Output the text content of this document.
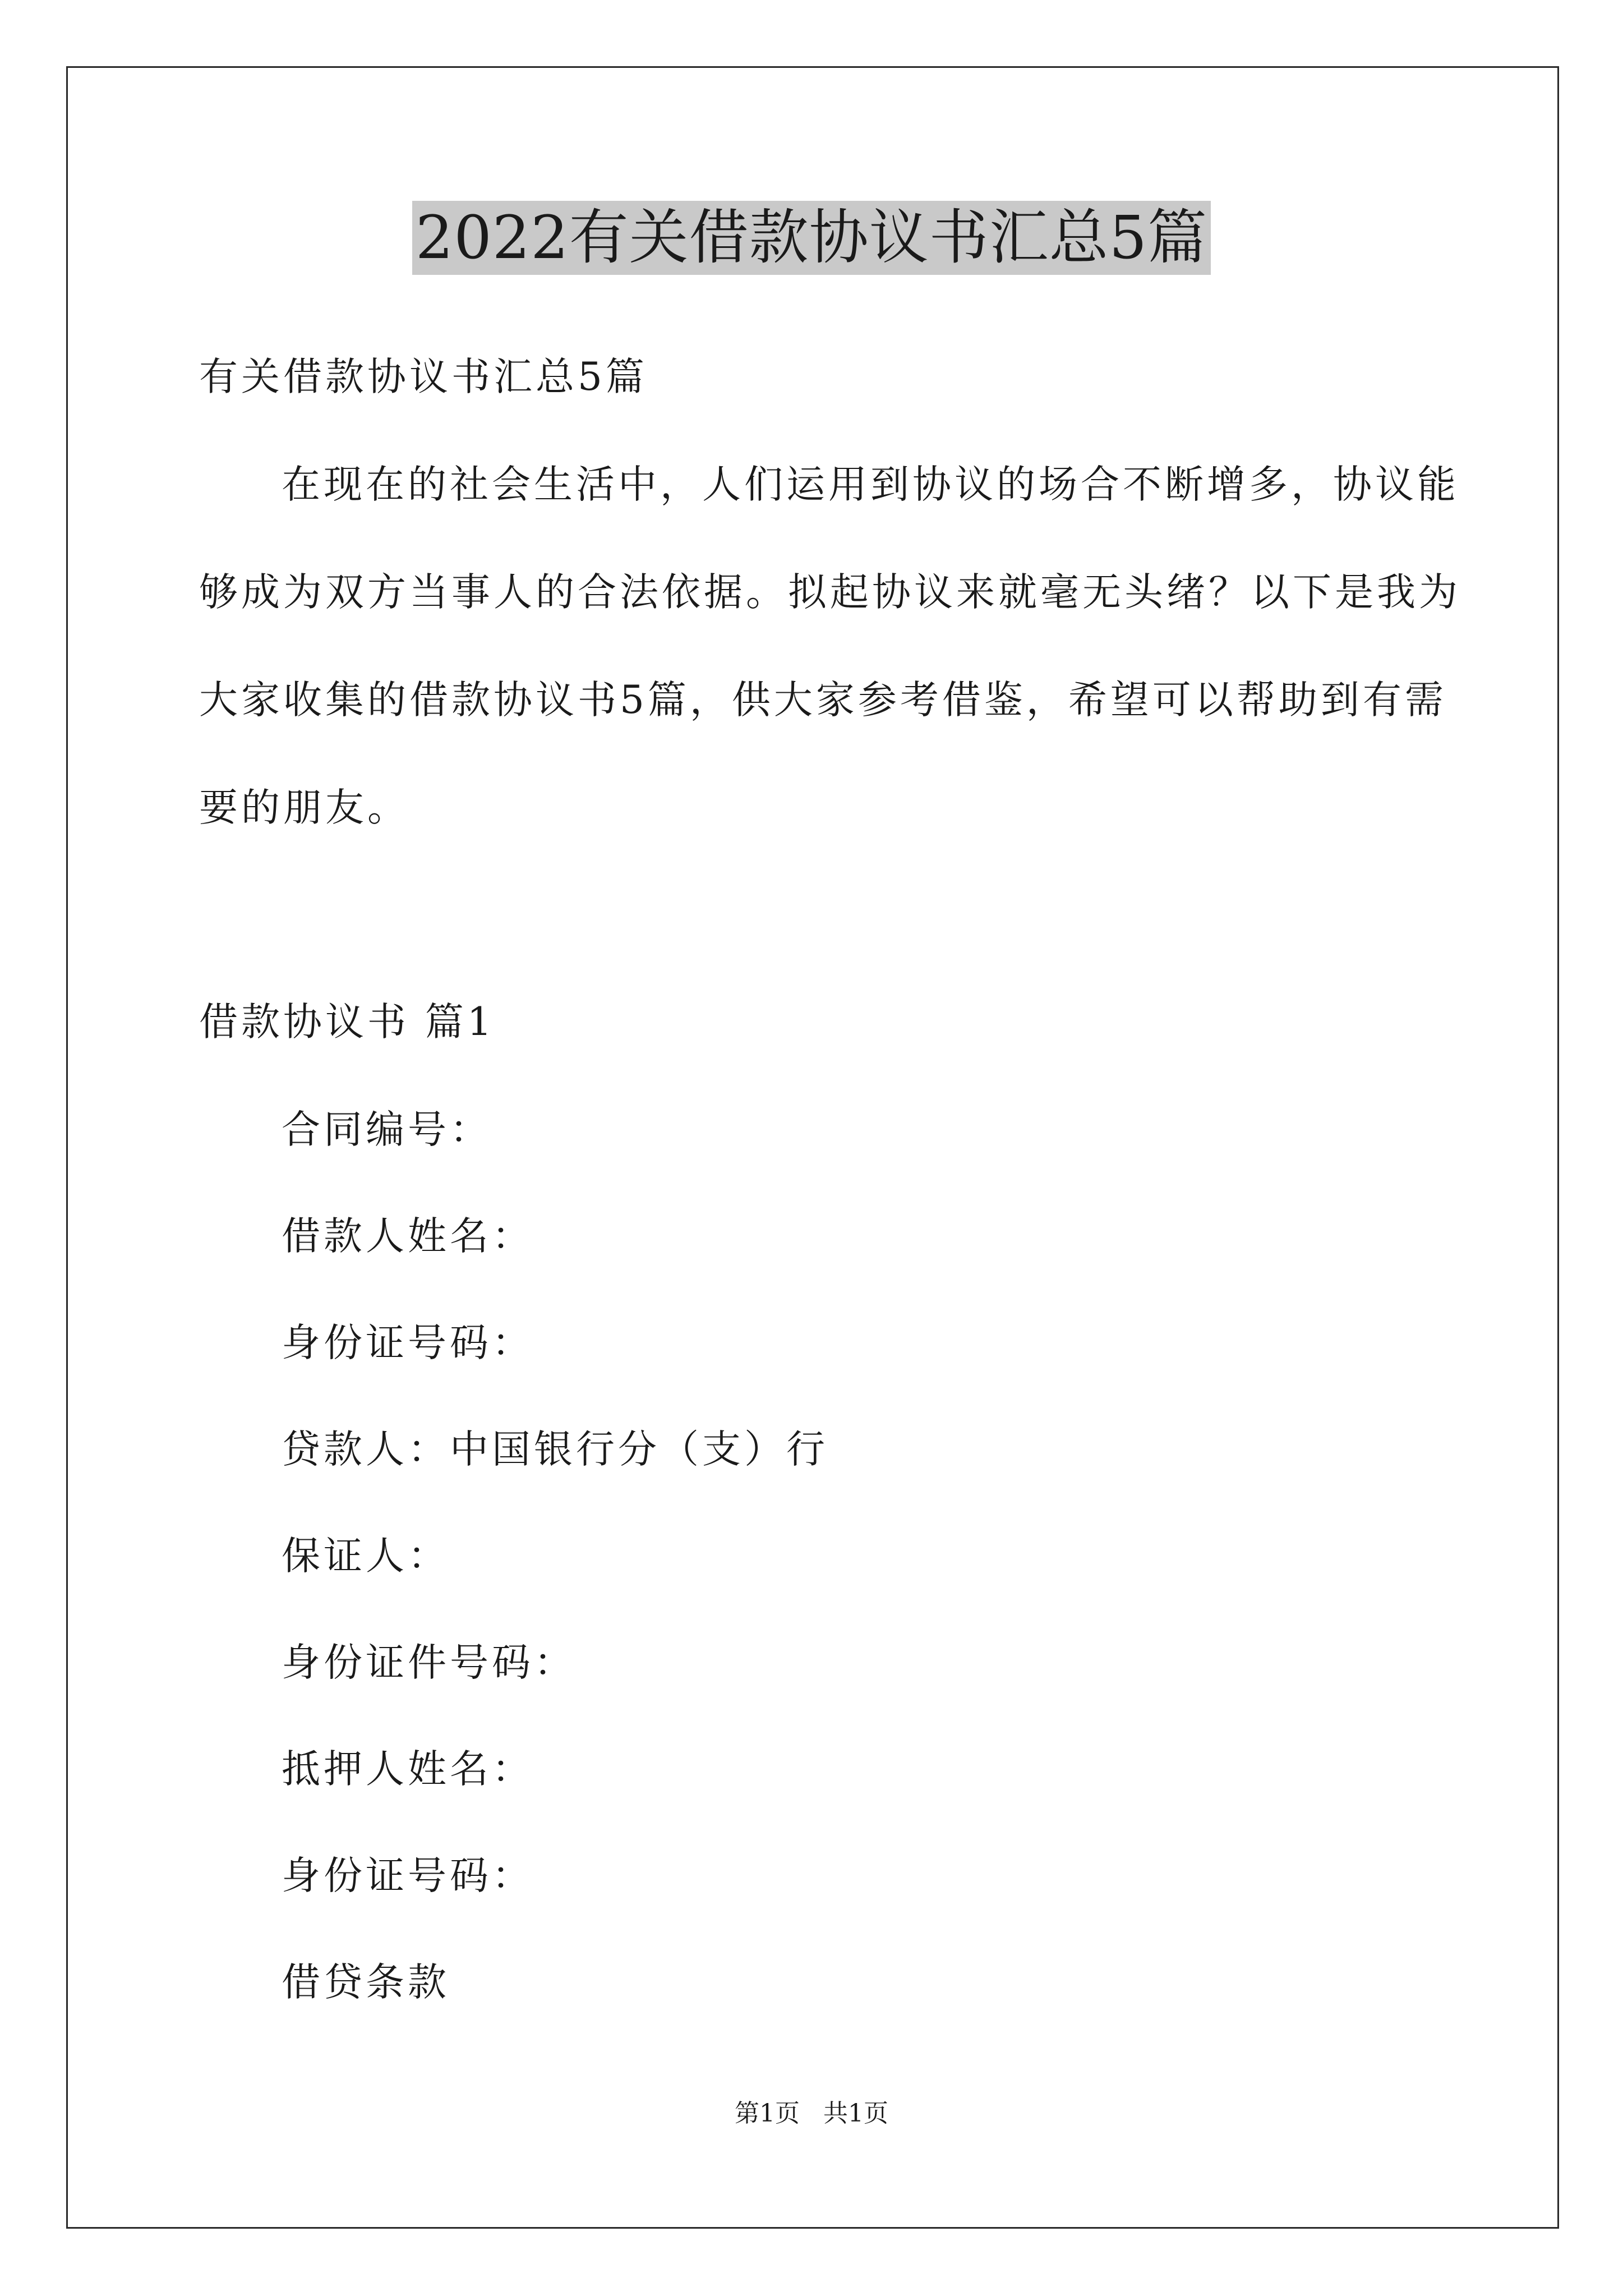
2022有关借款协议书汇总5篇
有关借款协议书汇总5篇
在现在的社会生活中，人们运用到协议的场合不断增多，协议能
够成为双方当事人的合法依据。拟起协议来就毫无头绪？以下是我为
大家收集的借款协议书5篇，供大家参考借鉴，希望可以帮助到有需
要的朋友。
借款协议书 篇1
合同编号：
借款人姓名：
身份证号码：
贷款人：中国银行分（支）行
保证人：
身份证件号码：
抵押人姓名：
身份证号码：
借贷条款
第1页   共1页
